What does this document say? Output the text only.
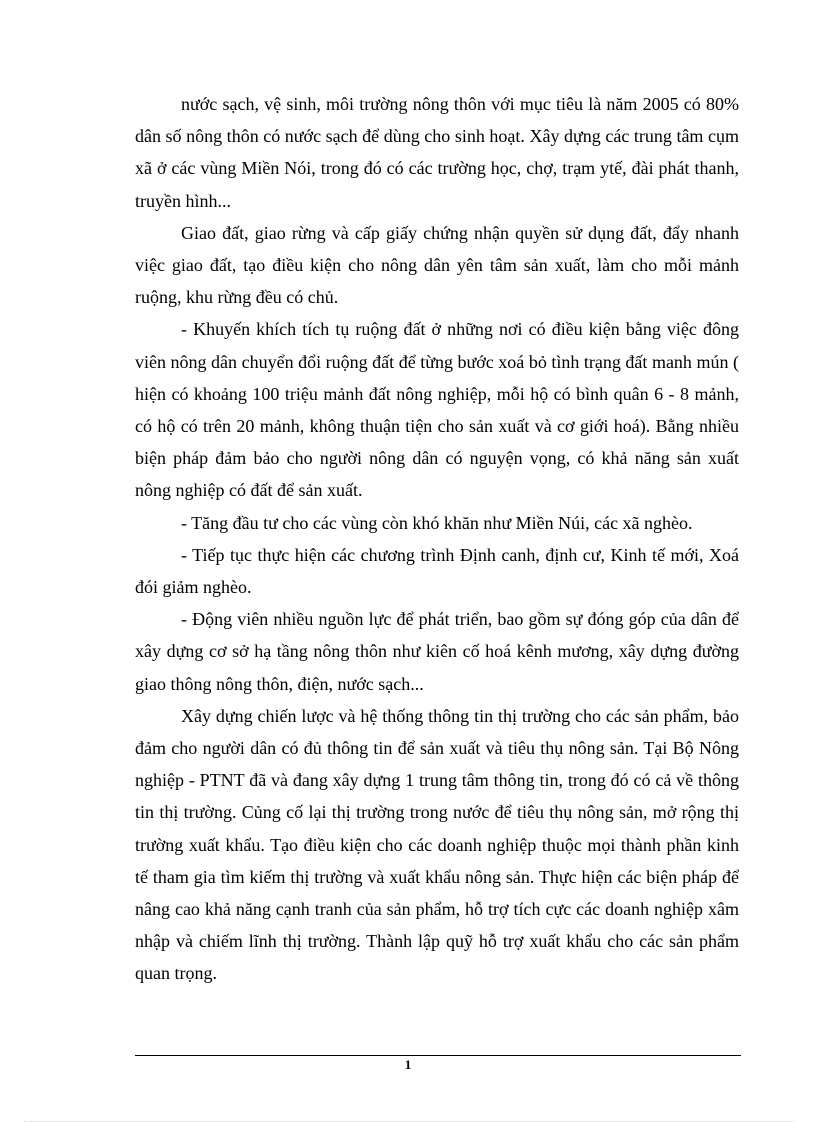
nước sạch, vệ sinh, môi trường nông thôn với mục tiêu là năm 2005 có 80% dân số nông thôn có nước sạch để dùng cho sinh hoạt. Xây dựng các trung tâm cụm xã ở các vùng Miền Nói, trong đó có các trường học, chợ, trạm ytế, đài phát thanh, truyền hình...

Giao đất, giao rừng và cấp giấy chứng nhận quyền sử dụng đất, đẩy nhanh việc giao đất, tạo điều kiện cho nông dân yên tâm sản xuất, làm cho mỗi mảnh ruộng, khu rừng đều có chủ.

- Khuyến khích tích tụ ruộng đất ở những nơi có điều kiện bằng việc đông viên nông dân chuyển đổi ruộng đất để từng bước xoá bỏ tình trạng đất manh mún ( hiện có khoảng 100 triệu mảnh đất nông nghiệp, mỗi hộ có bình quân 6 - 8 mảnh, có hộ có trên 20 mảnh, không thuận tiện cho sản xuất và cơ giới hoá). Bằng nhiều biện pháp đảm bảo cho người nông dân có nguyện vọng, có khả năng sản xuất nông nghiệp có đất để sản xuất.

- Tăng đầu tư cho các vùng còn khó khăn như Miền Núi, các xã nghèo.

- Tiếp tục thực hiện các chương trình Định canh, định cư, Kinh tế mới, Xoá đói giảm nghèo.

- Động viên nhiều nguồn lực để phát triển, bao gồm sự đóng góp của dân để xây dựng cơ sở hạ tầng nông thôn như kiên cố hoá kênh mương, xây dựng đường giao thông nông thôn, điện, nước sạch...

Xây dựng chiến lược và hệ thống thông tin thị trường cho các sản phẩm, bảo đảm cho người dân có đủ thông tin để sản xuất và tiêu thụ nông sản. Tại Bộ Nông nghiệp - PTNT đã và đang xây dựng 1 trung tâm thông tin, trong đó có cả về thông tin thị trường. Củng cố lại thị trường trong nước để tiêu thụ nông sản, mở rộng thị trường xuất khẩu. Tạo điều kiện cho các doanh nghiệp thuộc mọi thành phần kinh tế tham gia tìm kiếm thị trường và xuất khẩu nông sản. Thực hiện các biện pháp để nâng cao khả năng cạnh tranh của sản phẩm, hỗ trợ tích cực các doanh nghiệp xâm nhập và chiếm lĩnh thị trường. Thành lập quỹ hỗ trợ xuất khẩu cho các sản phẩm quan trọng.

1
